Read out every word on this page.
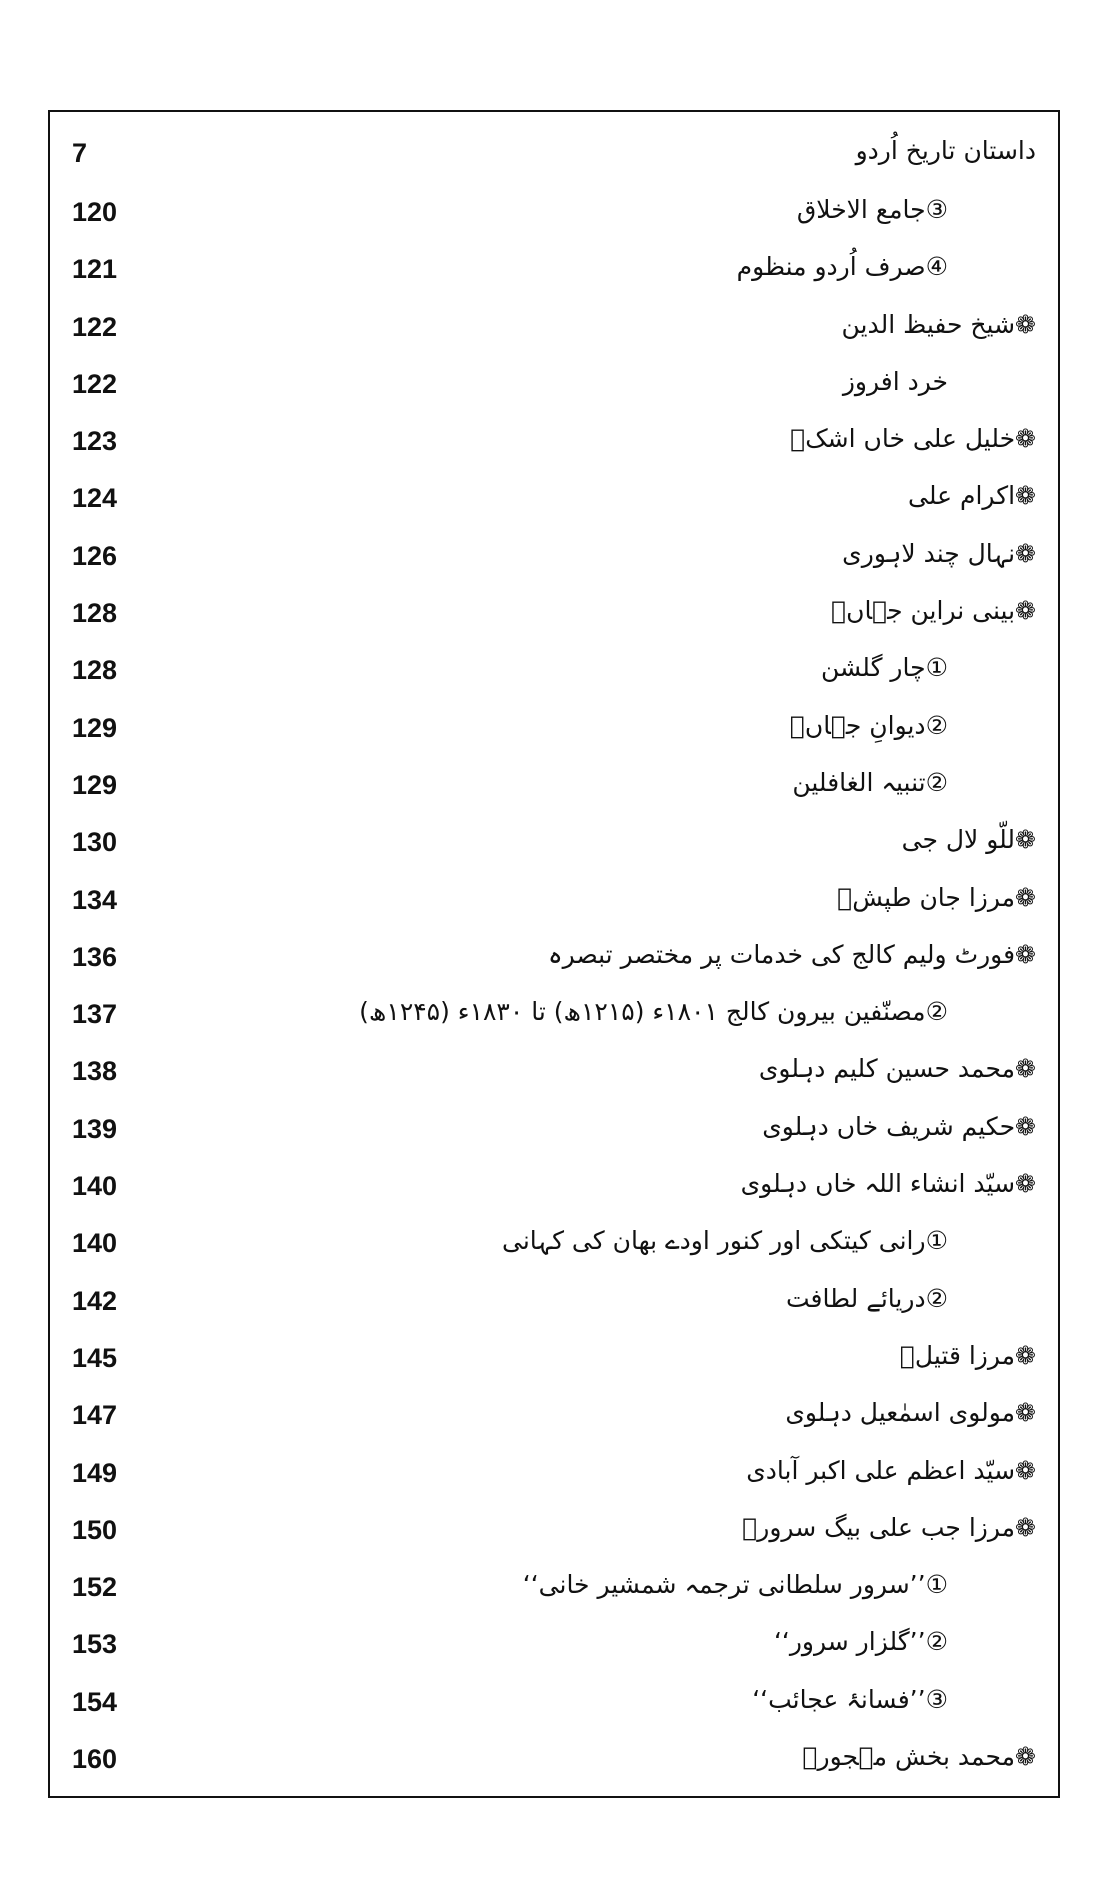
7	داستان تاریخ اُردو
120	③جامع الاخلاق
121	④صرف اُردو منظوم
122	❁شیخ حفیظ الدین
122	خرد افروز
123	❁خلیل علی خاں اشکؔ
124	❁اکرام علی
126	❁نہال چند لاہوری
128	❁بینی نراین جہاںؔ
128	①چار گلشن
129	②دیوانِ جہاںؔ
129	②تنبیہ الغافلین
130	❁للّو لال جی
134	❁مرزا جان طپشؔ
136	❁فورٹ ولیم کالج کی خدمات پر مختصر تبصرہ
137	②مصنّفین بیرون کالج ۱۸۰۱ء (۱۲۱۵ھ) تا ۱۸۳۰ء (۱۲۴۵ھ)
138	❁محمد حسین کلیم دہلوی
139	❁حکیم شریف خاں دہلوی
140	❁سیّد انشاء اللہ خاں دہلوی
140	①رانی کیتکی اور کنور اودے بھان کی کہانی
142	②دریائے لطافت
145	❁مرزا قتیلؔ
147	❁مولوی اسمٰعیل دہلوی
149	❁سیّد اعظم علی اکبر آبادی
150	❁مرزا جب علی بیگ سرورؔ
152	①’’سرور سلطانی ترجمہ شمشیر خانی‘‘
153	②’’گلزار سرور‘‘
154	③’’فسانۂ عجائب‘‘
160	❁محمد بخش مہجورؔ
